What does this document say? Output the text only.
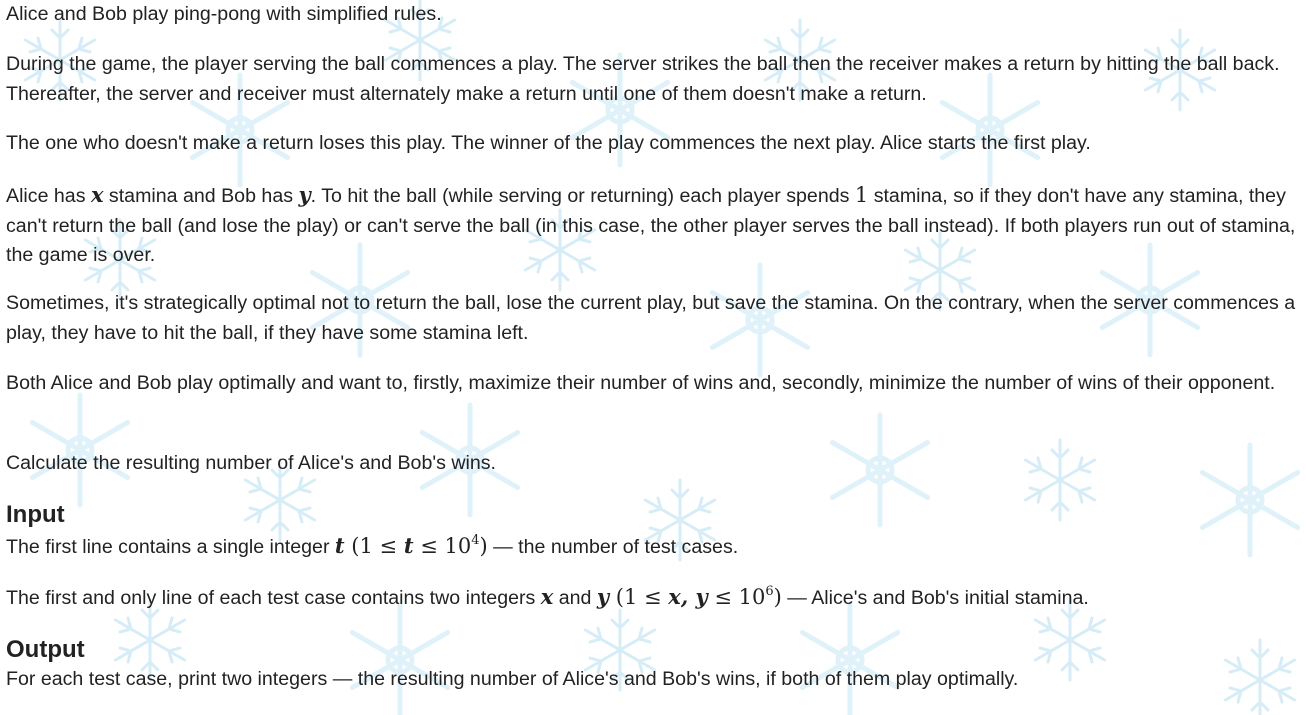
Alice and Bob play ping-pong with simplified rules.

During the game, the player serving the ball commences a play. The server strikes the ball then the receiver makes a return by hitting the ball back. Thereafter, the server and receiver must alternately make a return until one of them doesn't make a return.

The one who doesn't make a return loses this play. The winner of the play commences the next play. Alice starts the first play.

Alice has x stamina and Bob has y. To hit the ball (while serving or returning) each player spends 1 stamina, so if they don't have any stamina, they can't return the ball (and lose the play) or can't serve the ball (in this case, the other player serves the ball instead). If both players run out of stamina, the game is over.

Sometimes, it's strategically optimal not to return the ball, lose the current play, but save the stamina. On the contrary, when the server commences a play, they have to hit the ball, if they have some stamina left.

Both Alice and Bob play optimally and want to, firstly, maximize their number of wins and, secondly, minimize the number of wins of their opponent.

Calculate the resulting number of Alice's and Bob's wins.

Input

The first line contains a single integer t $(1 \le t \le 10^4)$ — the number of test cases.

The first and only line of each test case contains two integers x and y (1 ≤ x, $y \le 10^6$) — Alice's and Bob's initial stamina.

Output

For each test case, print two integers — the resulting number of Alice's and Bob's wins, if both of them play optimally.
